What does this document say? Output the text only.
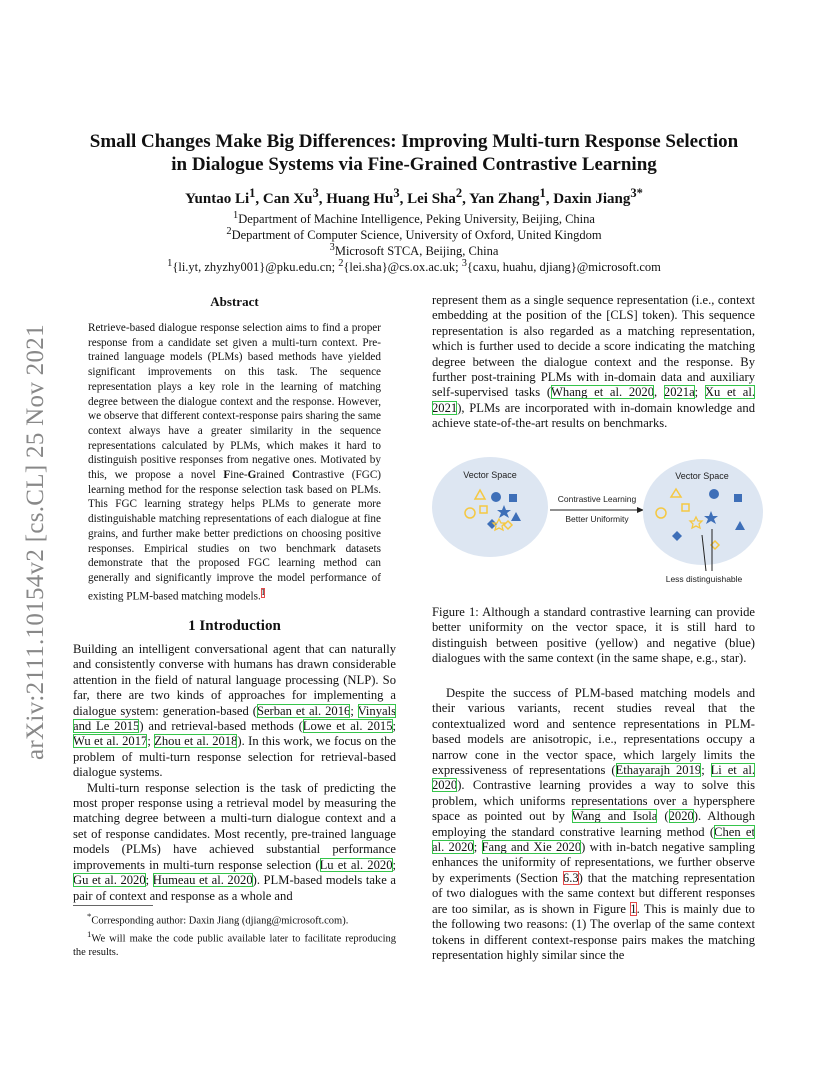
arXiv:2111.10154v2 [cs.CL] 25 Nov 2021
Small Changes Make Big Differences: Improving Multi-turn Response Selection
in Dialogue Systems via Fine-Grained Contrastive Learning
Yuntao Li$^1$, Can Xu$^3$, Huang Hu$^3$, Lei Sha$^2$, Yan Zhang$^1$, Daxin Jiang$^{3*}$
$^1$Department of Machine Intelligence, Peking University, Beijing, China
$^2$Department of Computer Science, University of Oxford, United Kingdom
$^3$Microsoft STCA, Beijing, China
$^1${li.yt, zhyzhy001}@pku.edu.cn; $^2${lei.sha}@cs.ox.ac.uk; $^3${caxu, huahu, djiang}@microsoft.com
Abstract
Retrieve-based dialogue response selection aims to find a proper response from a candidate set given a multi-turn context. Pre-trained language models (PLMs) based methods have yielded significant improvements on this task. The sequence representation plays a key role in the learning of matching degree between the dialogue context and the response. However, we observe that different context-response pairs sharing the same context always have a greater similarity in the sequence representations calculated by PLMs, which makes it hard to distinguish positive responses from negative ones. Motivated by this, we propose a novel Fine-Grained Contrastive (FGC) learning method for the response selection task based on PLMs. This FGC learning strategy helps PLMs to generate more distinguishable matching representations of each dialogue at fine grains, and further make better predictions on choosing positive responses. Empirical studies on two benchmark datasets demonstrate that the proposed FGC learning method can generally and significantly improve the model performance of existing PLM-based matching models.$^1$
1 Introduction

Building an intelligent conversational agent that can naturally and consistently converse with humans has drawn considerable attention in the field of natural language processing (NLP). So far, there are two kinds of approaches for implementing a dialogue system: generation-based (Serban et al. 2016; Vinyals and Le 2015) and retrieval-based methods (Lowe et al. 2015; Wu et al. 2017; Zhou et al. 2018). In this work, we focus on the problem of multi-turn response selection for retrieval-based dialogue systems.

Multi-turn response selection is the task of predicting the most proper response using a retrieval model by measuring the matching degree between a multi-turn dialogue context and a set of response candidates. Most recently, pre-trained language models (PLMs) have achieved substantial performance improvements in multi-turn response selection (Lu et al. 2020; Gu et al. 2020; Humeau et al. 2020). PLM-based models take a pair of context and response as a whole and

*Corresponding author: Daxin Jiang (djiang@microsoft.com).
$^1$We will make the code public available later to facilitate reproducing the results.

represent them as a single sequence representation (i.e., context embedding at the position of the [CLS] token). This sequence representation is also regarded as a matching representation, which is further used to decide a score indicating the matching degree between the dialogue context and the response. By further post-training PLMs with in-domain data and auxiliary self-supervised tasks (Whang et al. 2020, 2021a; Xu et al. 2021), PLMs are incorporated with in-domain knowledge and achieve state-of-the-art results on benchmarks.

Vector Space
Contrastive Learning
Better Uniformity
Vector Space
Less distinguishable
Figure 1: Although a standard contrastive learning can provide better uniformity on the vector space, it is still hard to distinguish between positive (yellow) and negative (blue) dialogues with the same context (in the same shape, e.g., star).

Despite the success of PLM-based matching models and their various variants, recent studies reveal that the contextualized word and sentence representations in PLM-based models are anisotropic, i.e., representations occupy a narrow cone in the vector space, which largely limits the expressiveness of representations (Ethayarajh 2019; Li et al. 2020). Contrastive learning provides a way to solve this problem, which uniforms representations over a hypersphere space as pointed out by Wang and Isola (2020). Although employing the standard constrative learning method (Chen et al. 2020; Fang and Xie 2020) with in-batch negative sampling enhances the uniformity of representations, we further observe by experiments (Section 6.3) that the matching representation of two dialogues with the same context but different responses are too similar, as is shown in Figure 1. This is mainly due to the following two reasons: (1) The overlap of the same context tokens in different context-response pairs makes the matching representation highly similar since the
